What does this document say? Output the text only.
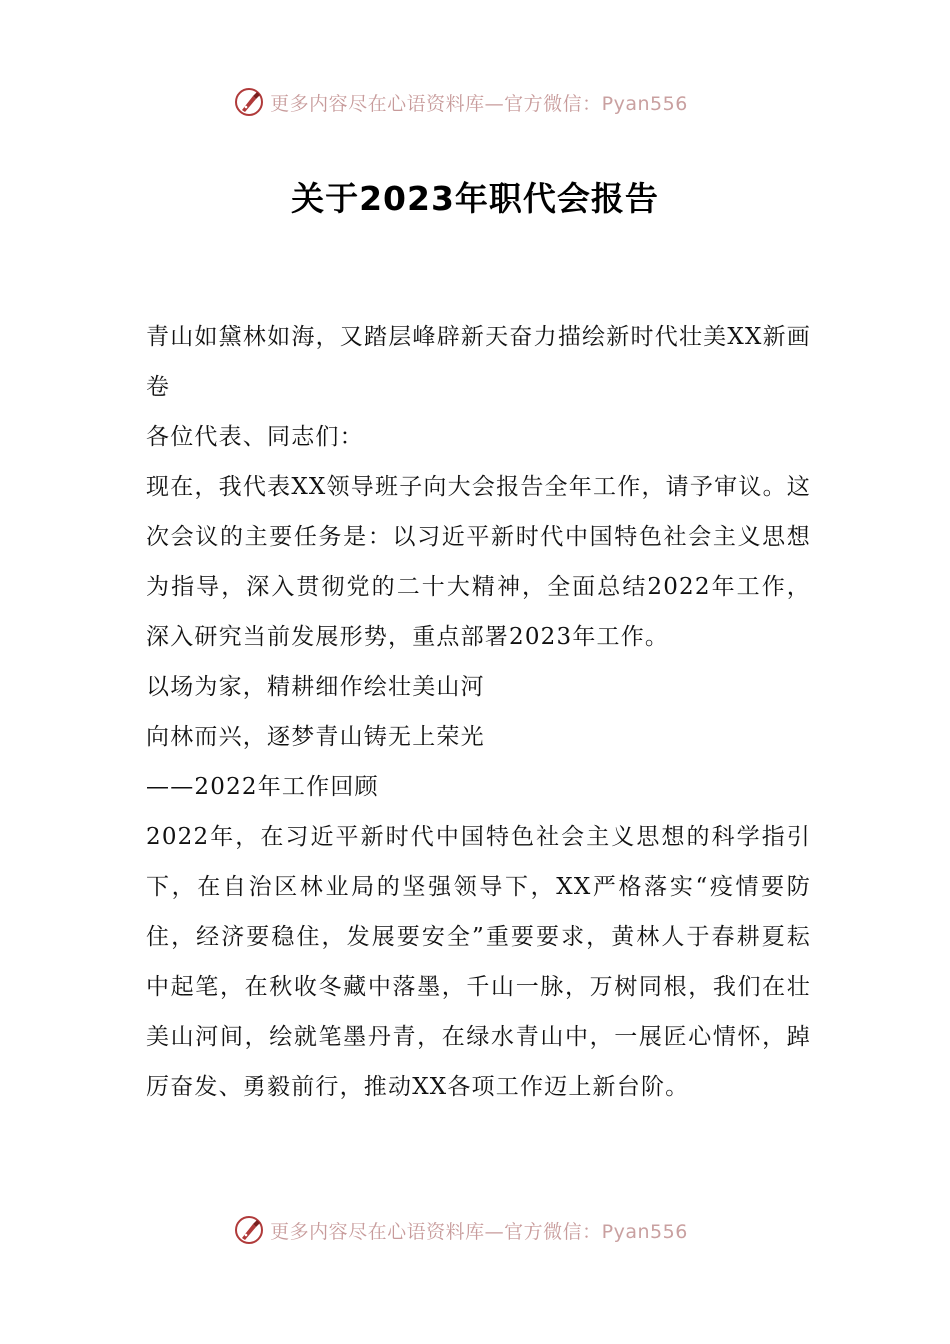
更多内容尽在心语资料库—官方微信：Pyan556
关于2023年职代会报告

青山如黛林如海，又踏层峰辟新天奋力描绘新时代壮美XX新画卷

各位代表、同志们：

现在，我代表XX领导班子向大会报告全年工作，请予审议。这次会议的主要任务是：以习近平新时代中国特色社会主义思想为指导，深入贯彻党的二十大精神，全面总结2022年工作，深入研究当前发展形势，重点部署2023年工作。

以场为家，精耕细作绘壮美山河

向林而兴，逐梦青山铸无上荣光

——2022年工作回顾

2022年，在习近平新时代中国特色社会主义思想的科学指引下，在自治区林业局的坚强领导下，XX严格落实“疫情要防住，经济要稳住，发展要安全”重要要求，黄林人于春耕夏耘中起笔，在秋收冬藏中落墨，千山一脉，万树同根，我们在壮美山河间，绘就笔墨丹青，在绿水青山中，一展匠心情怀，踔厉奋发、勇毅前行，推动XX各项工作迈上新台阶。

更多内容尽在心语资料库—官方微信：Pyan556
